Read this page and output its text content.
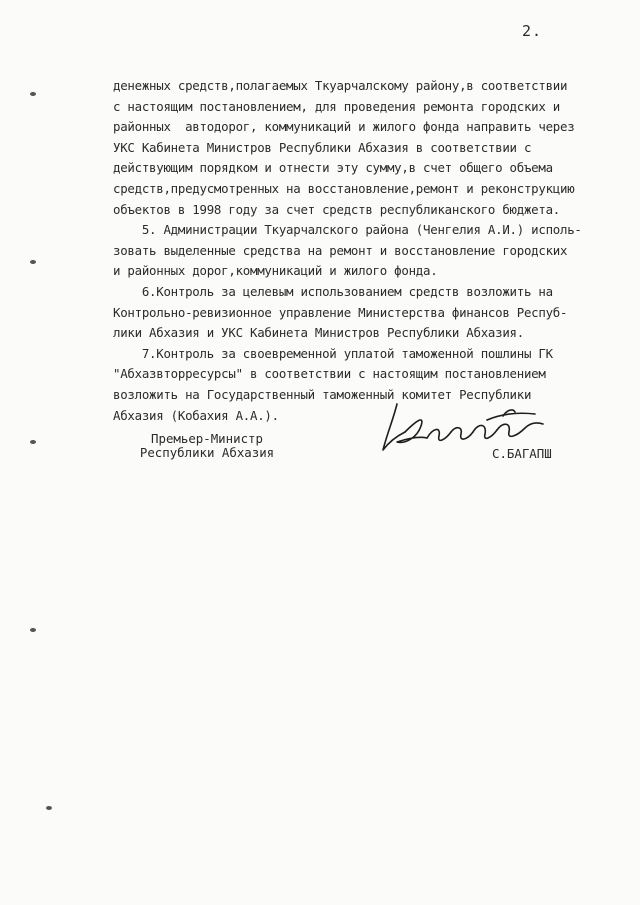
2.
денежных средств,полагаемых Ткуарчалскому району,в соответствии
с настоящим постановлением, для проведения ремонта городских и
районных  автодорог, коммуникаций и жилого фонда направить через
УКС Кабинета Министров Республики Абхазия в соответствии с
действующим порядком и отнести эту сумму,в счет общего объема
средств,предусмотренных на восстановление,ремонт и реконструкцию
объектов в 1998 году за счет средств республиканского бюджета.
5. Администрации Ткуарчалского района (Ченгелия А.И.) исполь-
зовать выделенные средства на ремонт и восстановление городских
и районных дорог,коммуникаций и жилого фонда.
6.Контроль за целевым использованием средств возложить на
Контрольно-ревизионное управление Министерства финансов Респуб-
лики Абхазия и УКС Кабинета Министров Республики Абхазия.
7.Контроль за своевременной уплатой таможенной пошлины ГК
"Абхазвторресурсы" в соответствии с настоящим постановлением
возложить на Государственный таможенный комитет Республики
Абхазия (Кобахия А.А.).
Премьер-Министр
Республики Абхазия	С.БАГАПШ
